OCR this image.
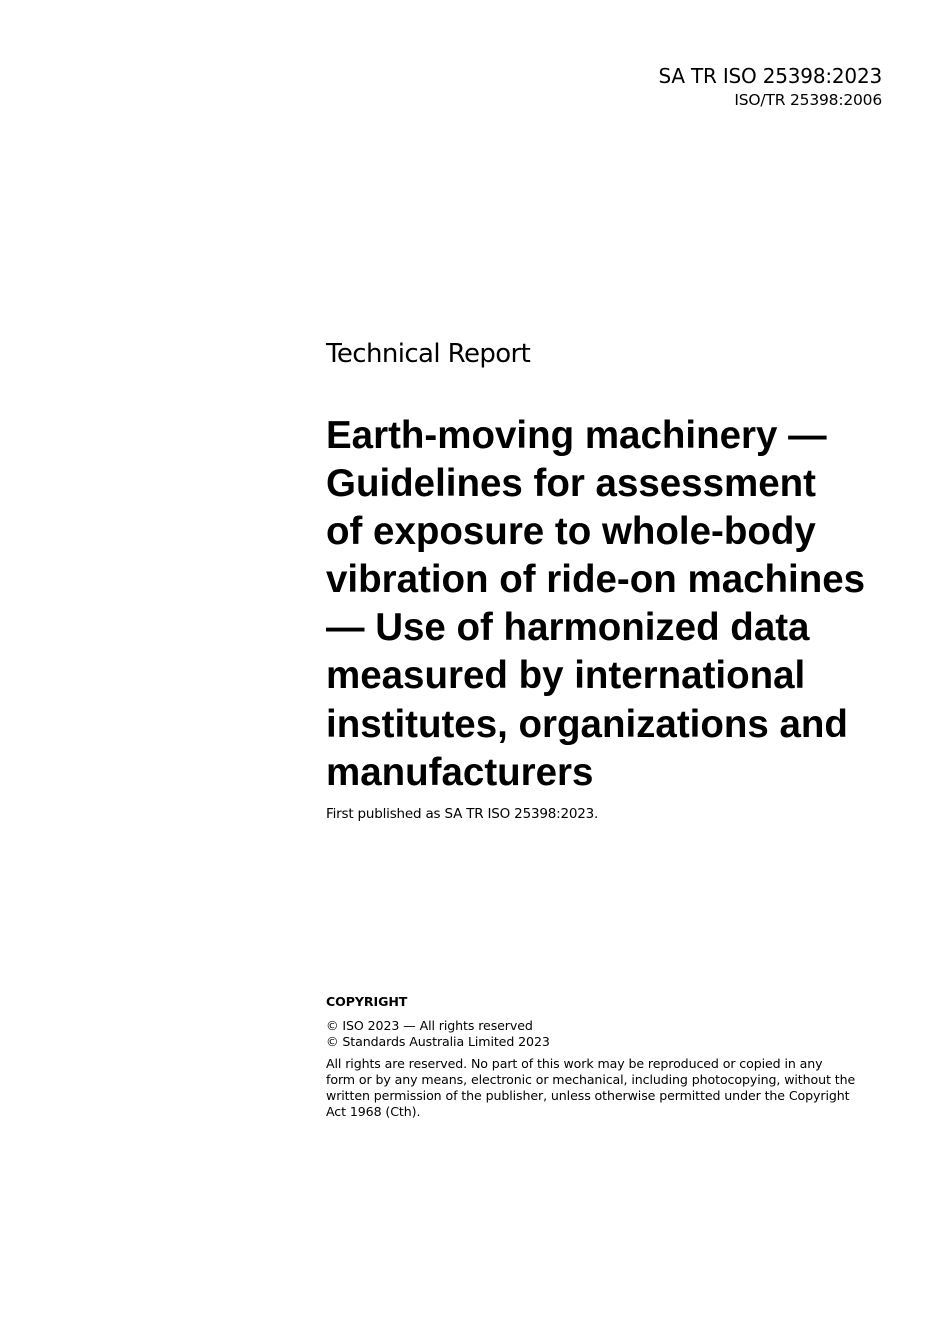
SA TR ISO 25398:2023
ISO/TR 25398:2006
Technical Report
Earth-moving machinery —
Guidelines for assessment
of exposure to whole-body
vibration of ride-on machines
— Use of harmonized data
measured by international
institutes, organizations and
manufacturers
First published as SA TR ISO 25398:2023.
COPYRIGHT
© ISO 2023 — All rights reserved
© Standards Australia Limited 2023
All rights are reserved. No part of this work may be reproduced or copied in any
form or by any means, electronic or mechanical, including photocopying, without the
written permission of the publisher, unless otherwise permitted under the Copyright
Act 1968 (Cth).
